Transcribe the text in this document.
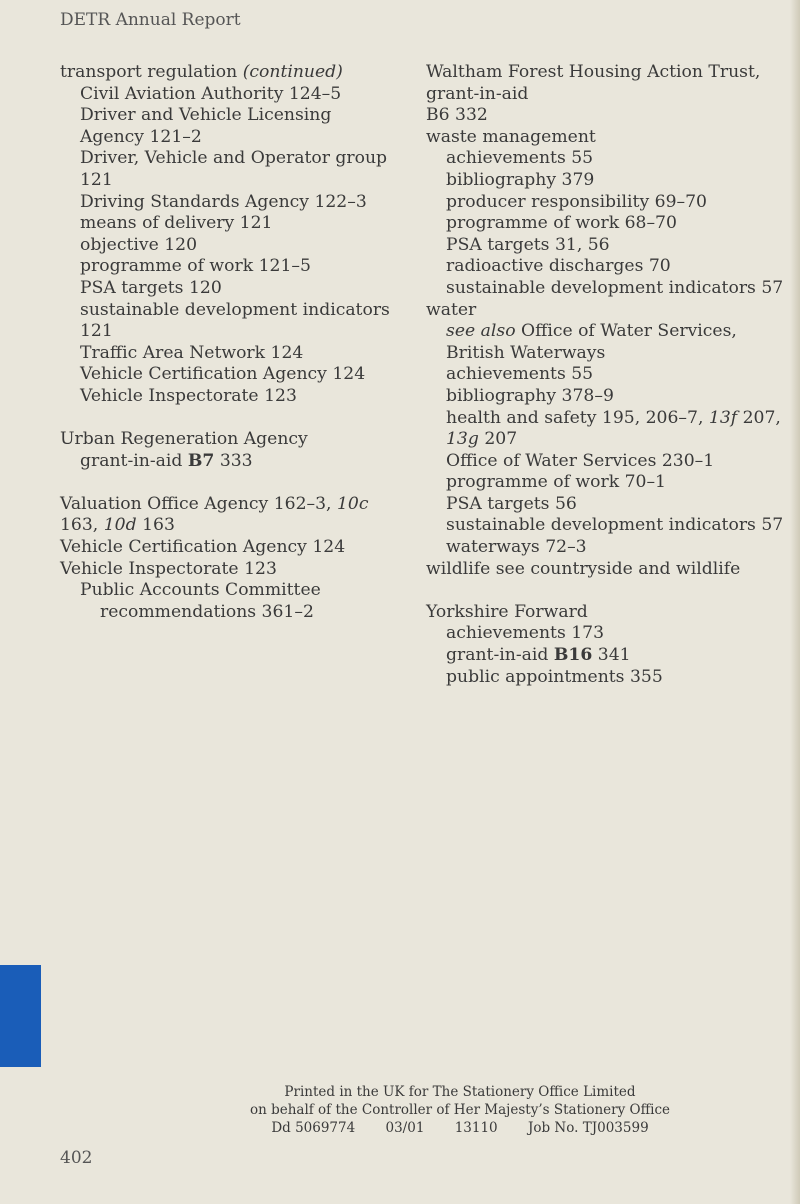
DETR Annual Report
transport regulation (continued)
Civil Aviation Authority 124–5
Driver and Vehicle Licensing Agency 121–2
Driver, Vehicle and Operator group 121
Driving Standards Agency 122–3
means of delivery 121
objective 120
programme of work 121–5
PSA targets 120
sustainable development indicators 121
Traffic Area Network 124
Vehicle Certification Agency 124
Vehicle Inspectorate 123
Urban Regeneration Agency
grant-in-aid B7 333
Valuation Office Agency 162–3, 10c 163, 10d 163
Vehicle Certification Agency 124
Vehicle Inspectorate 123
Public Accounts Committee recommendations 361–2
Waltham Forest Housing Action Trust, grant-in-aid
B6 332
waste management
achievements 55
bibliography 379
producer responsibility 69–70
programme of work 68–70
PSA targets 31, 56
radioactive discharges 70
sustainable development indicators 57
water
see also Office of Water Services, British Waterways
achievements 55
bibliography 378–9
health and safety 195, 206–7, 13f 207, 13g 207
Office of Water Services 230–1
programme of work 70–1
PSA targets 56
sustainable development indicators 57
waterways 72–3
wildlife see countryside and wildlife
Yorkshire Forward
achievements 173
grant-in-aid B16 341
public appointments 355
Printed in the UK for The Stationery Office Limited
on behalf of the Controller of Her Majesty’s Stationery Office
Dd 5069774 03/01 13110 Job No. TJ003599
402
